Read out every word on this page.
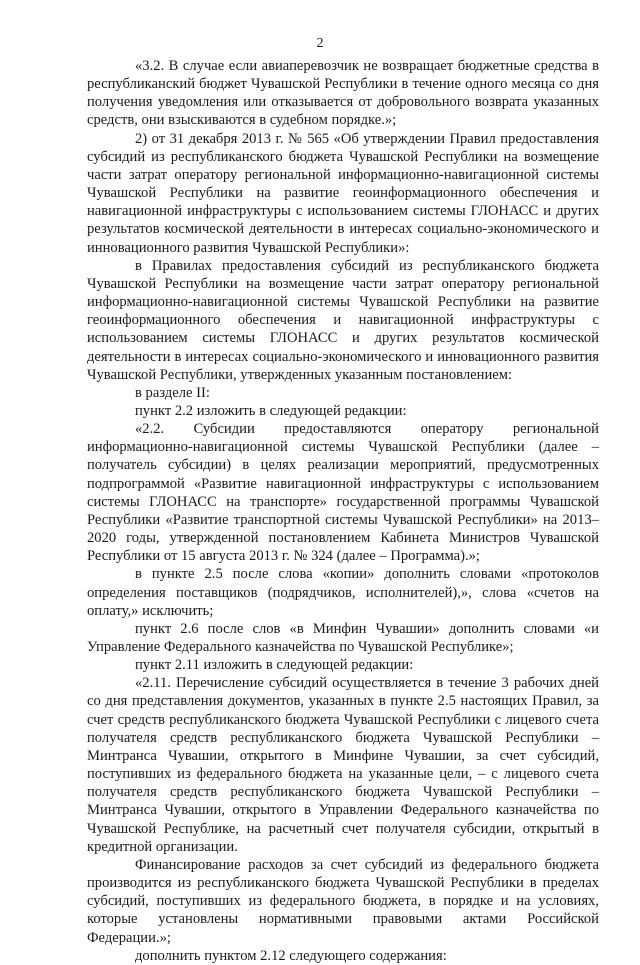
2

«3.2. В случае если авиаперевозчик не возвращает бюджетные средства в республиканский бюджет Чувашской Республики в течение одного месяца со дня получения уведомления или отказывается от добровольного возврата указанных средств, они взыскиваются в судебном порядке.»;

2) от 31 декабря 2013 г. № 565 «Об утверждении Правил предоставления субсидий из республиканского бюджета Чувашской Республики на возмещение части затрат оператору региональной информационно-навигационной системы Чувашской Республики на развитие геоинформационного обеспечения и навигационной инфраструктуры с использованием системы ГЛОНАСС и других результатов космической деятельности в интересах социально-экономического и инновационного развития Чувашской Республики»:

в Правилах предоставления субсидий из республиканского бюджета Чувашской Республики на возмещение части затрат оператору региональной информационно-навигационной системы Чувашской Республики на развитие геоинформационного обеспечения и навигационной инфраструктуры с использованием системы ГЛОНАСС и других результатов космической деятельности в интересах социально-экономического и инновационного развития Чувашской Республики, утвержденных указанным постановлением:

в разделе II:

пункт 2.2 изложить в следующей редакции:

«2.2. Субсидии предоставляются оператору региональной информационно-навигационной системы Чувашской Республики (далее – получатель субсидии) в целях реализации мероприятий, предусмотренных подпрограммой «Развитие навигационной инфраструктуры с использованием системы ГЛОНАСС на транспорте» государственной программы Чувашской Республики «Развитие транспортной системы Чувашской Республики» на 2013–2020 годы, утвержденной постановлением Кабинета Министров Чувашской Республики от 15 августа 2013 г. № 324 (далее – Программа).»;

в пункте 2.5 после слова «копии» дополнить словами «протоколов определения поставщиков (подрядчиков, исполнителей),», слова «счетов на оплату,» исключить;

пункт 2.6 после слов «в Минфин Чувашии» дополнить словами «и Управление Федерального казначейства по Чувашской Республике»;

пункт 2.11 изложить в следующей редакции:

«2.11. Перечисление субсидий осуществляется в течение 3 рабочих дней со дня представления документов, указанных в пункте 2.5 настоящих Правил, за счет средств республиканского бюджета Чувашской Республики с лицевого счета получателя средств республиканского бюджета Чувашской Республики – Минтранса Чувашии, открытого в Минфине Чувашии, за счет субсидий, поступивших из федерального бюджета на указанные цели, – с лицевого счета получателя средств республиканского бюджета Чувашской Республики – Минтранса Чувашии, открытого в Управлении Федерального казначейства по Чувашской Республике, на расчетный счет получателя субсидии, открытый в кредитной организации.

Финансирование расходов за счет субсидий из федерального бюджета производится из республиканского бюджета Чувашской Республики в пределах субсидий, поступивших из федерального бюджета, в порядке и на условиях, которые установлены нормативными правовыми актами Российской Федерации.»;

дополнить пунктом 2.12 следующего содержания:
